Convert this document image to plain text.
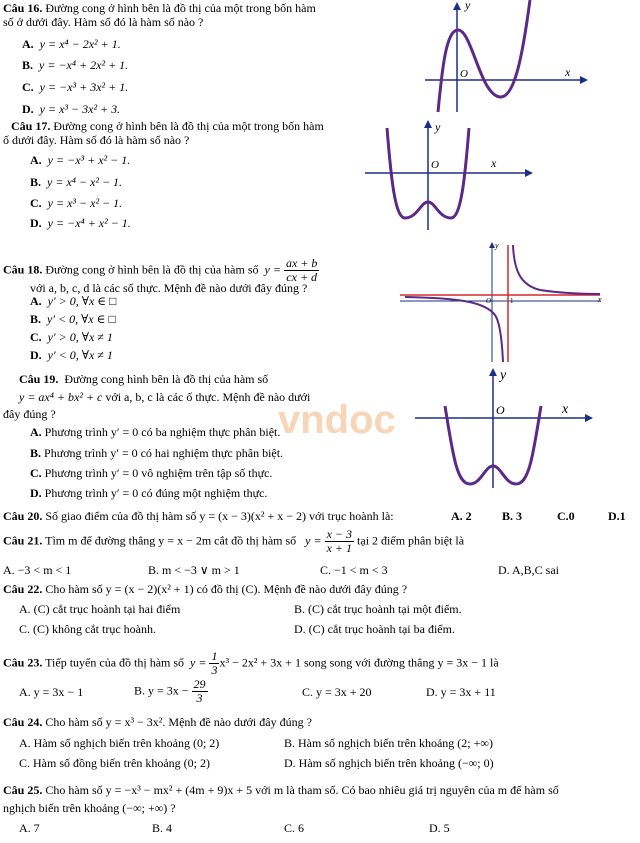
Câu 16. Đường cong ở hình bên là đồ thị của một trong bốn hàm
số ở dưới đây. Hàm số đó là hàm số nào ?
A. y = x⁴ − 2x² + 1.
B. y = −x⁴ + 2x² + 1.
C. y = −x³ + 3x² + 1.
D. y = x³ − 3x² + 3.
y
x
O
Câu 17. Đường cong ở hình bên là đồ thị của một trong bốn hàm
ố dưới đây. Hàm số đó là hàm số nào ?
A. y = −x³ + x² − 1.
B. y = x⁴ − x² − 1.
C. y = x³ − x² − 1.
D. y = −x⁴ + x² − 1.
y
x
O
Câu 18. Đường cong ở hình bên là đồ thị của hàm số $y = \frac{ax + b}{cx + d}$
với a, b, c, d là các số thực. Mệnh đề nào dưới đây đúng ?
A. y′ > 0, ∀x ∈ □
B. y′ < 0, ∀x ∈ □
C. y′ > 0, ∀x ≠ 1
D. y′ < 0, ∀x ≠ 1
y
x
O	1
Câu 19. Đường cong hình bên là đồ thị của hàm số
y = ax⁴ + bx² + c với a, b, c là các ố thực. Mệnh đề nào dưới
đây đúng ?
A. Phương trình y′ = 0 có ba nghiệm thực phân biệt.
B. Phương trình y′ = 0 có hai nghiệm thực phân biệt.
C. Phương trình y′ = 0 vô nghiệm trên tập số thực.
D. Phương trình y′ = 0 có đúng một nghiệm thực.
vndoc
y
x
O
Câu 20. Số giao điểm của đồ thị hàm số y = (x − 3)(x² + x − 2) với trục hoành là:	A. 2	B. 3	C.0	D.1
Câu 21. Tìm m để đường thẳng y = x − 2m cắt đồ thị hàm số $y = \frac{x - 3}{x + 1}$ tại 2 điểm phân biệt là
A. −3 < m < 1	B. m < −3 ∨ m > 1	C. −1 < m < 3	D. A,B,C sai
Câu 22. Cho hàm số y = (x − 2)(x² + 1) có đồ thị (C). Mệnh đề nào dưới đây đúng ?
A. (C) cắt trục hoành tại hai điểm	B. (C) cắt trục hoành tại một điểm.
C. (C) không cắt trục hoành.	D. (C) cắt trục hoành tại ba điểm.
Câu 23. Tiếp tuyến của đồ thị hàm số $y = \frac{1}{3} x^3 - 2x^2 + 3x + 1$ song song với đường thẳng y = 3x − 1 là
A. y = 3x − 1	B. $y = 3x - \frac{29}{3}$	C. y = 3x + 20	D. y = 3x + 11
Câu 24. Cho hàm số y = x³ − 3x². Mệnh đề nào dưới đây đúng ?
A. Hàm số nghịch biến trên khoảng (0; 2)	B. Hàm số nghịch biến trên khoảng (2; +∞)
C. Hàm số đồng biến trên khoảng (0; 2)	D. Hàm số nghịch biến trên khoảng (−∞; 0)
Câu 25. Cho hàm số y = −x³ − mx² + (4m + 9)x + 5 với m là tham số. Có bao nhiêu giá trị nguyên của m để hàm số
nghịch biến trên khoảng (−∞; +∞) ?
A. 7	B. 4	C. 6	D. 5
